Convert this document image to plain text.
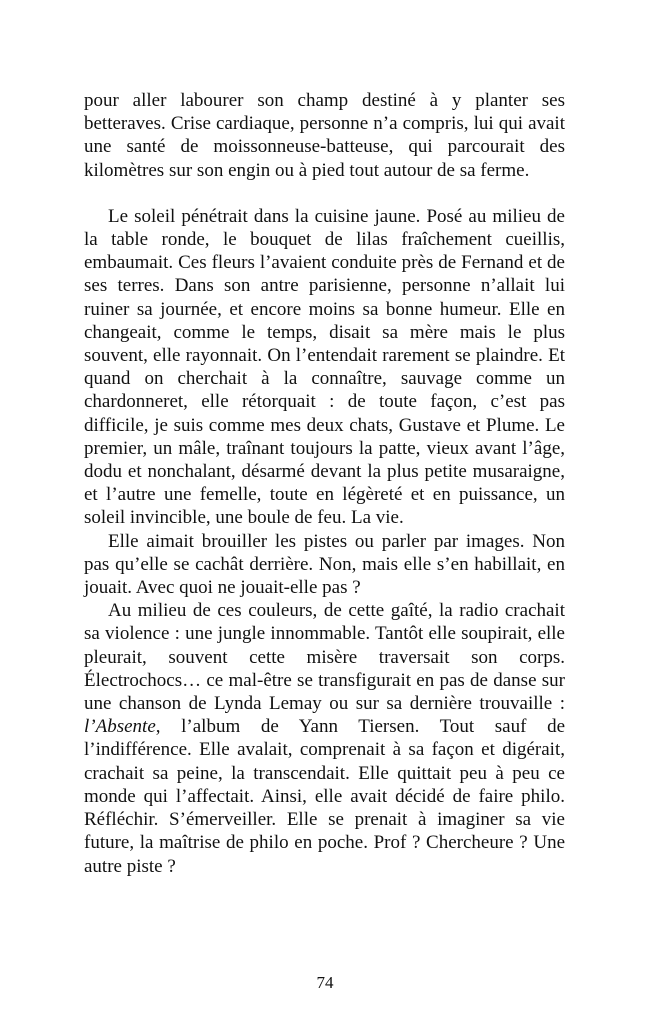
pour aller labourer son champ destiné à y planter ses betteraves. Crise cardiaque, personne n’a compris, lui qui avait une santé de moissonneuse-batteuse, qui parcourait des kilomètres sur son engin ou à pied tout autour de sa ferme.

Le soleil pénétrait dans la cuisine jaune. Posé au milieu de la table ronde, le bouquet de lilas fraîchement cueillis, embaumait. Ces fleurs l’avaient conduite près de Fernand et de ses terres. Dans son antre parisienne, personne n’allait lui ruiner sa journée, et encore moins sa bonne humeur. Elle en changeait, comme le temps, disait sa mère mais le plus souvent, elle rayonnait. On l’entendait rarement se plaindre. Et quand on cherchait à la connaître, sauvage comme un chardonneret, elle rétorquait : de toute façon, c’est pas difficile, je suis comme mes deux chats, Gustave et Plume. Le premier, un mâle, traînant toujours la patte, vieux avant l’âge, dodu et nonchalant, désarmé devant la plus petite musaraigne, et l’autre une femelle, toute en légèreté et en puissance, un soleil invincible, une boule de feu. La vie.

Elle aimait brouiller les pistes ou parler par images. Non pas qu’elle se cachât derrière. Non, mais elle s’en habillait, en jouait. Avec quoi ne jouait-elle pas ?

Au milieu de ces couleurs, de cette gaîté, la radio crachait sa violence : une jungle innommable. Tantôt elle soupirait, elle pleurait, souvent cette misère traversait son corps. Électrochocs… ce mal-être se transfigurait en pas de danse sur une chanson de Lynda Lemay ou sur sa dernière trouvaille : l’Absente, l’album de Yann Tiersen. Tout sauf de l’indifférence. Elle avalait, comprenait à sa façon et digérait, crachait sa peine, la transcendait. Elle quittait peu à peu ce monde qui l’affectait. Ainsi, elle avait décidé de faire philo. Réfléchir. S’émerveiller. Elle se prenait à imaginer sa vie future, la maîtrise de philo en poche. Prof ? Chercheure ? Une autre piste ?

74
